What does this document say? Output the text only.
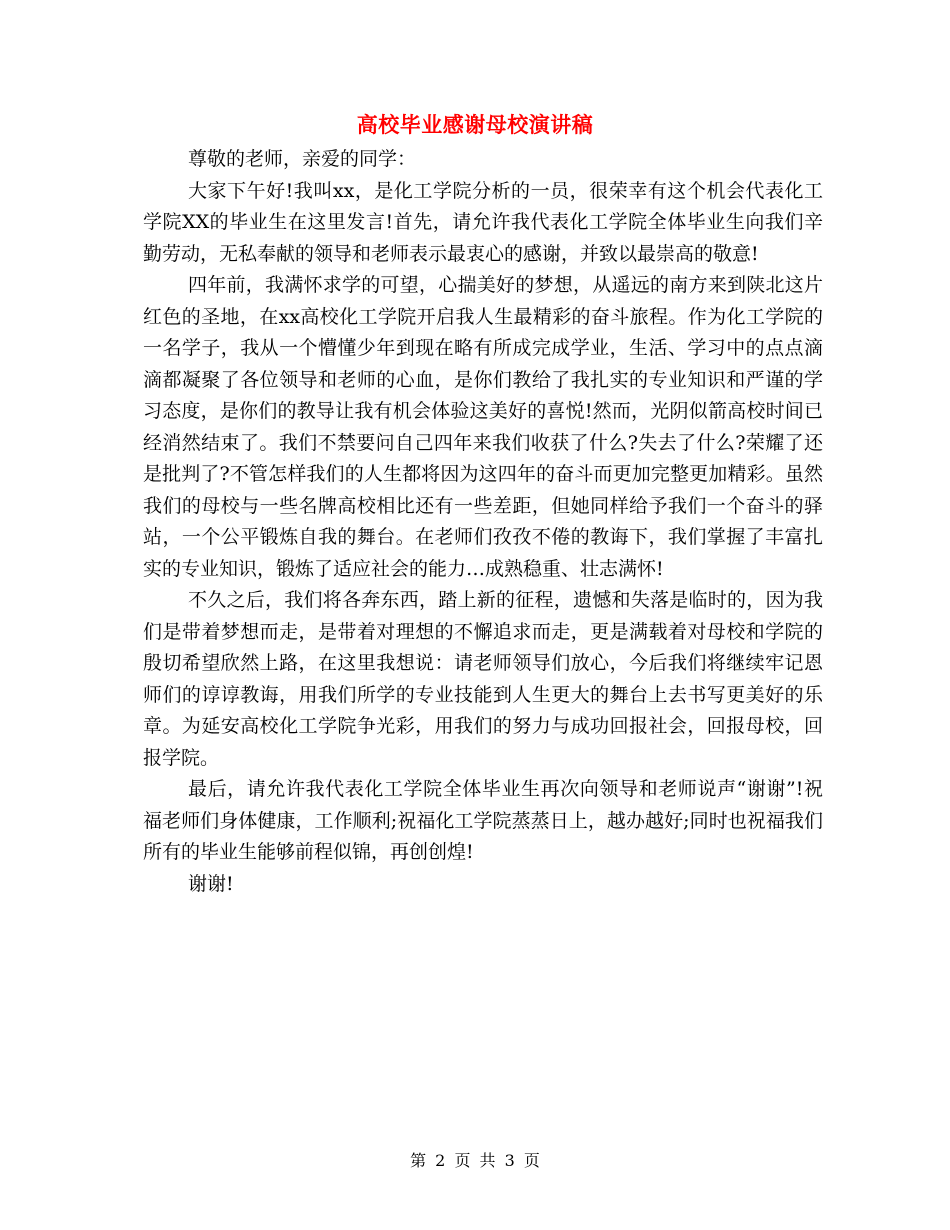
高校毕业感谢母校演讲稿

尊敬的老师，亲爱的同学：

大家下午好!我叫xx，是化工学院分析的一员，很荣幸有这个机会代表化工学院XX的毕业生在这里发言!首先，请允许我代表化工学院全体毕业生向我们辛勤劳动，无私奉献的领导和老师表示最衷心的感谢，并致以最崇高的敬意!

四年前，我满怀求学的可望，心揣美好的梦想，从遥远的南方来到陕北这片红色的圣地，在xx高校化工学院开启我人生最精彩的奋斗旅程。作为化工学院的一名学子，我从一个懵懂少年到现在略有所成完成学业，生活、学习中的点点滴滴都凝聚了各位领导和老师的心血，是你们教给了我扎实的专业知识和严谨的学习态度，是你们的教导让我有机会体验这美好的喜悦!然而，光阴似箭高校时间已经消然结束了。我们不禁要问自己四年来我们收获了什么?失去了什么?荣耀了还是批判了?不管怎样我们的人生都将因为这四年的奋斗而更加完整更加精彩。虽然我们的母校与一些名牌高校相比还有一些差距，但她同样给予我们一个奋斗的驿站，一个公平锻炼自我的舞台。在老师们孜孜不倦的教诲下，我们掌握了丰富扎实的专业知识，锻炼了适应社会的能力…成熟稳重、壮志满怀!

不久之后，我们将各奔东西，踏上新的征程，遗憾和失落是临时的，因为我们是带着梦想而走，是带着对理想的不懈追求而走，更是满载着对母校和学院的殷切希望欣然上路，在这里我想说：请老师领导们放心，今后我们将继续牢记恩师们的谆谆教诲，用我们所学的专业技能到人生更大的舞台上去书写更美好的乐章。为延安高校化工学院争光彩，用我们的努力与成功回报社会，回报母校，回报学院。

最后，请允许我代表化工学院全体毕业生再次向领导和老师说声“谢谢”!祝福老师们身体健康，工作顺利;祝福化工学院蒸蒸日上，越办越好;同时也祝福我们所有的毕业生能够前程似锦，再创创煌!

谢谢!

第 2 页 共 3 页
